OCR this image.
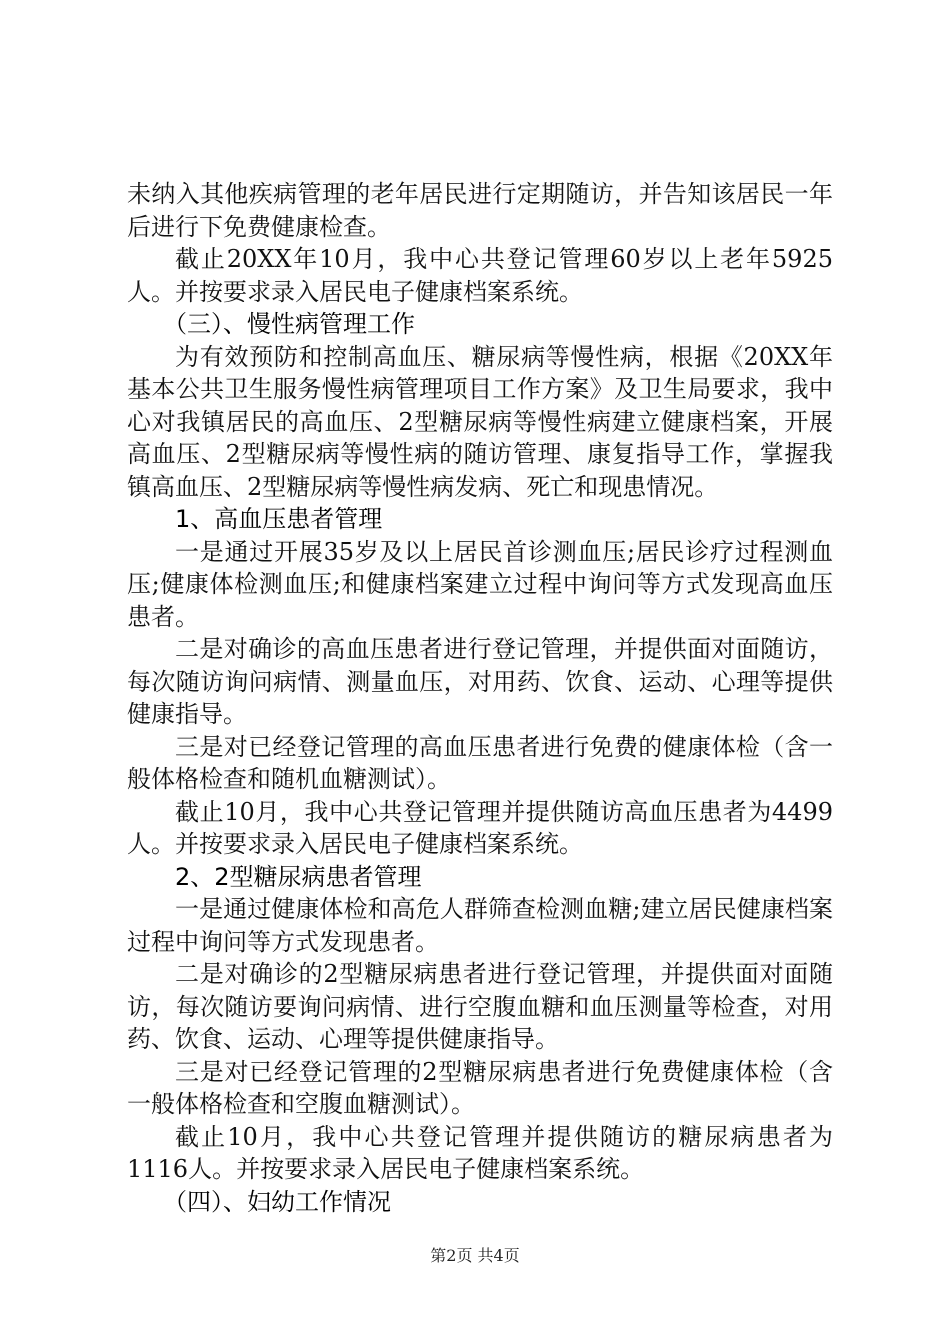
未纳入其他疾病管理的老年居民进行定期随访，并告知该居民一年后进行下免费健康检查。

截止20XX年10月，我中心共登记管理60岁以上老年5925人。并按要求录入居民电子健康档案系统。

（三）、慢性病管理工作

为有效预防和控制高血压、糖尿病等慢性病，根据《20XX年基本公共卫生服务慢性病管理项目工作方案》及卫生局要求，我中心对我镇居民的高血压、2型糖尿病等慢性病建立健康档案，开展高血压、2型糖尿病等慢性病的随访管理、康复指导工作，掌握我镇高血压、2型糖尿病等慢性病发病、死亡和现患情况。

1、高血压患者管理

一是通过开展35岁及以上居民首诊测血压;居民诊疗过程测血压;健康体检测血压;和健康档案建立过程中询问等方式发现高血压患者。

二是对确诊的高血压患者进行登记管理，并提供面对面随访，每次随访询问病情、测量血压，对用药、饮食、运动、心理等提供健康指导。

三是对已经登记管理的高血压患者进行免费的健康体检（含一般体格检查和随机血糖测试）。

截止10月，我中心共登记管理并提供随访高血压患者为4499人。并按要求录入居民电子健康档案系统。

2、2型糖尿病患者管理

一是通过健康体检和高危人群筛查检测血糖;建立居民健康档案过程中询问等方式发现患者。

二是对确诊的2型糖尿病患者进行登记管理，并提供面对面随访，每次随访要询问病情、进行空腹血糖和血压测量等检查，对用药、饮食、运动、心理等提供健康指导。

三是对已经登记管理的2型糖尿病患者进行免费健康体检（含一般体格检查和空腹血糖测试）。

截止10月，我中心共登记管理并提供随访的糖尿病患者为1116人。并按要求录入居民电子健康档案系统。

（四）、妇幼工作情况
第2页 共4页
